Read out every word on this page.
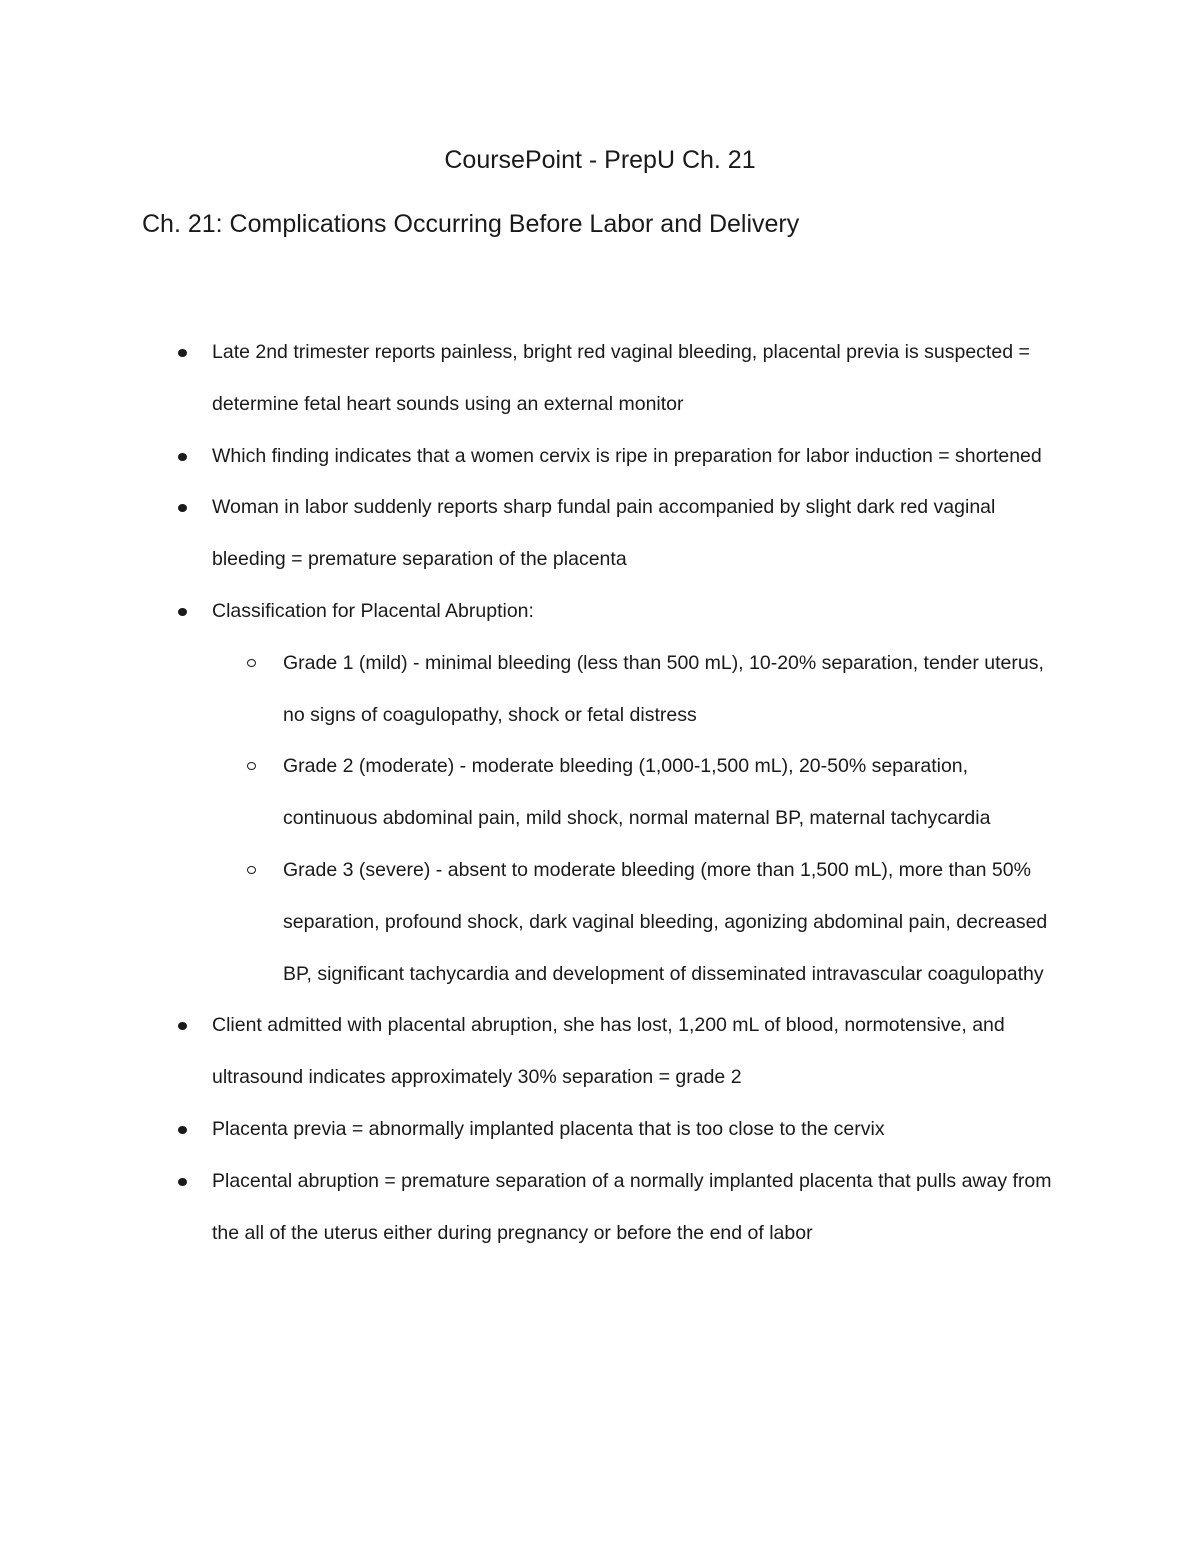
CoursePoint - PrepU Ch. 21
Ch. 21: Complications Occurring Before Labor and Delivery
Late 2nd trimester reports painless, bright red vaginal bleeding, placental previa is suspected = determine fetal heart sounds using an external monitor
Which finding indicates that a women cervix is ripe in preparation for labor induction = shortened
Woman in labor suddenly reports sharp fundal pain accompanied by slight dark red vaginal bleeding = premature separation of the placenta
Classification for Placental Abruption:
Grade 1 (mild) - minimal bleeding (less than 500 mL), 10-20% separation, tender uterus, no signs of coagulopathy, shock or fetal distress
Grade 2 (moderate) - moderate bleeding (1,000-1,500 mL), 20-50% separation, continuous abdominal pain, mild shock, normal maternal BP, maternal tachycardia
Grade 3 (severe) - absent to moderate bleeding (more than 1,500 mL), more than 50% separation, profound shock, dark vaginal bleeding, agonizing abdominal pain, decreased BP, significant tachycardia and development of disseminated intravascular coagulopathy
Client admitted with placental abruption, she has lost, 1,200 mL of blood, normotensive, and ultrasound indicates approximately 30% separation = grade 2
Placenta previa = abnormally implanted placenta that is too close to the cervix
Placental abruption = premature separation of a normally implanted placenta that pulls away from the all of the uterus either during pregnancy or before the end of labor
